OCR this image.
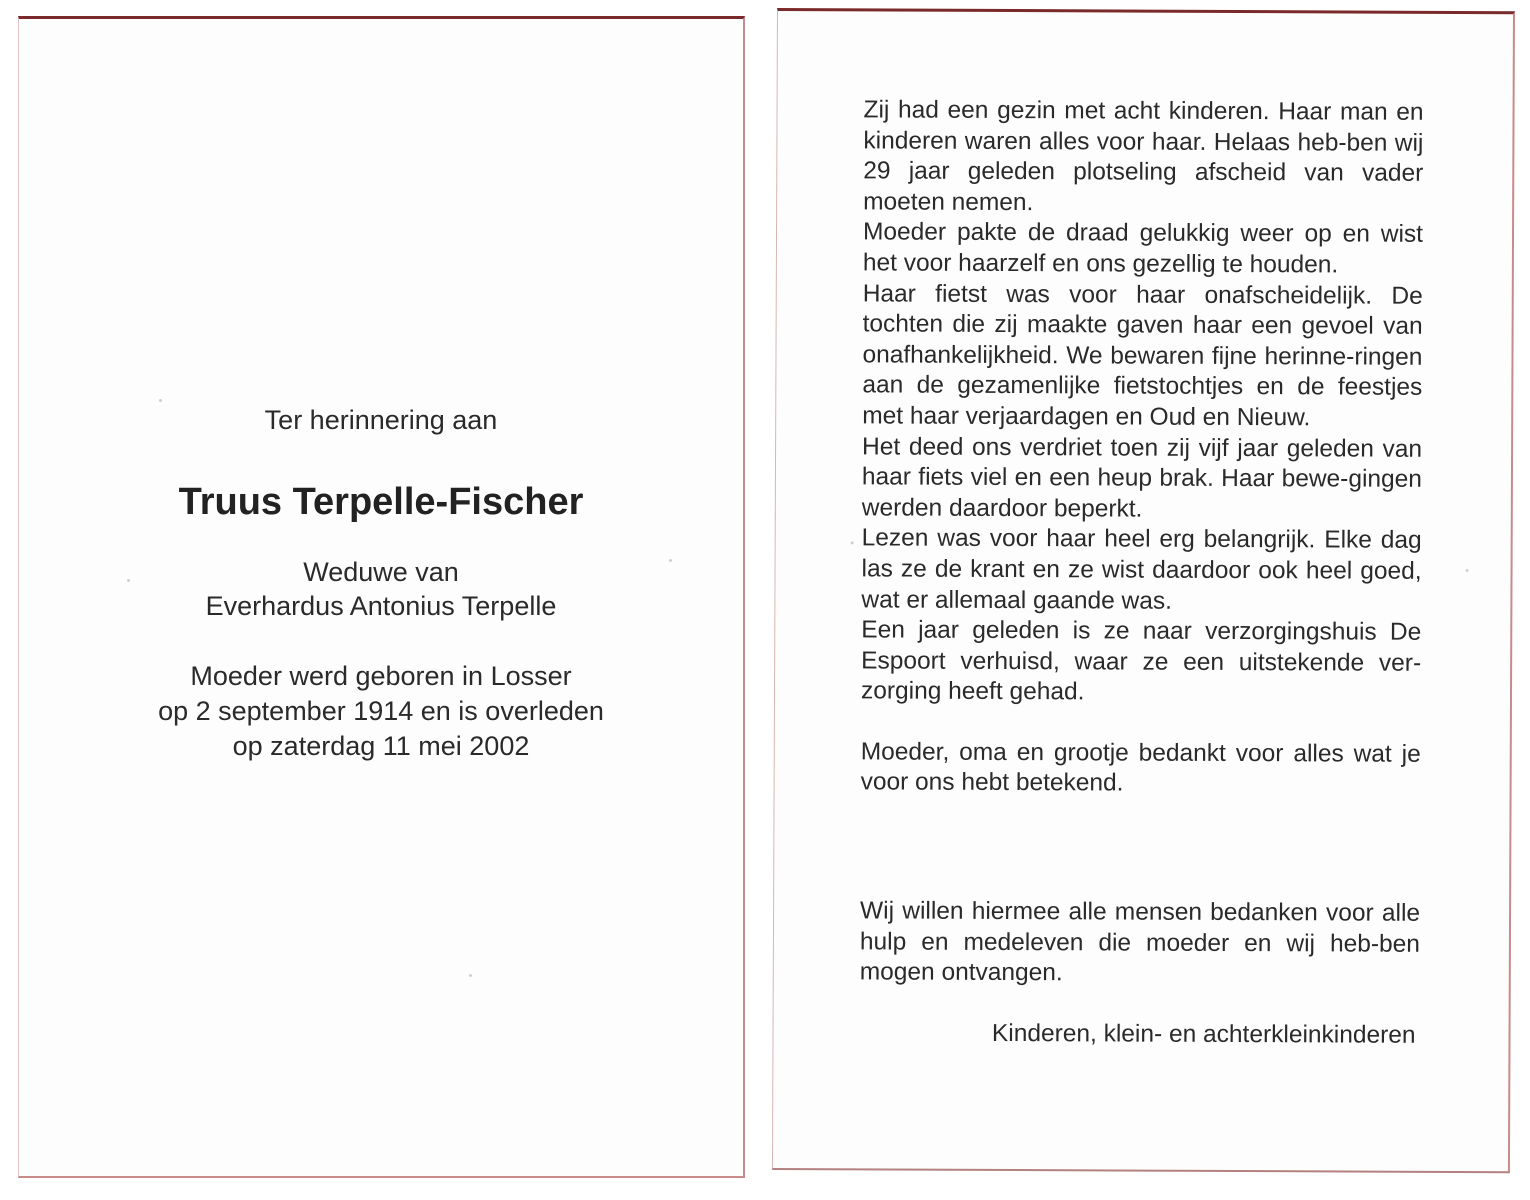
Ter herinnering aan

Truus Terpelle-Fischer

Weduwe van
Everhardus Antonius Terpelle
Moeder werd geboren in Losser
op 2 september 1914 en is overleden
op zaterdag 11 mei 2002

Zij had een gezin met acht kinderen. Haar man en kinderen waren alles voor haar. Helaas heb-ben wij 29 jaar geleden plotseling afscheid van vader moeten nemen.

Moeder pakte de draad gelukkig weer op en wist het voor haarzelf en ons gezellig te houden.

Haar fietst was voor haar onafscheidelijk. De tochten die zij maakte gaven haar een gevoel van onafhankelijkheid. We bewaren fijne herinne-ringen aan de gezamenlijke fietstochtjes en de feestjes met haar verjaardagen en Oud en Nieuw.

Het deed ons verdriet toen zij vijf jaar geleden van haar fiets viel en een heup brak. Haar bewe-gingen werden daardoor beperkt.

Lezen was voor haar heel erg belangrijk. Elke dag las ze de krant en ze wist daardoor ook heel goed, wat er allemaal gaande was.

Een jaar geleden is ze naar verzorgingshuis De Espoort verhuisd, waar ze een uitstekende ver-zorging heeft gehad.

Moeder, oma en grootje bedankt voor alles wat je voor ons hebt betekend.

Wij willen hiermee alle mensen bedanken voor alle hulp en medeleven die moeder en wij heb-ben mogen ontvangen.

Kinderen, klein- en achterkleinkinderen
